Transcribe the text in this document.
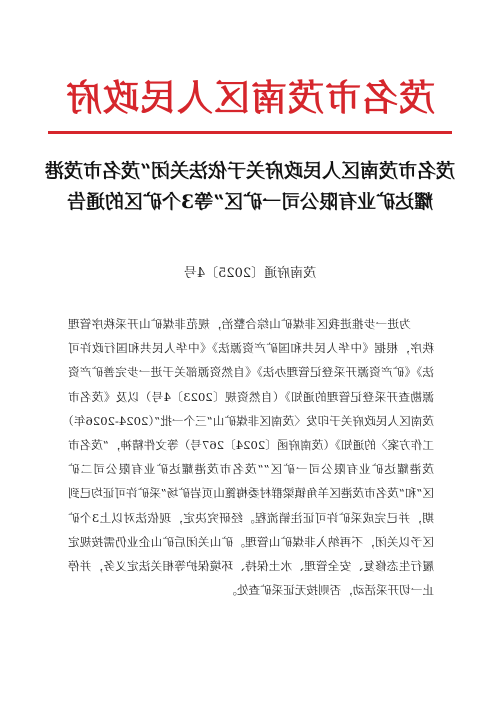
茂名市茂南区人民政府
茂名市茂南区人民政府关于依法关闭“茂名市茂港耀达矿业有限公司一矿区”等3个矿区的通告
茂南府通〔2025〕4号

为进一步推进我区非煤矿山综合整治，规范非煤矿山开采秩序管理秩序，根据《中华人民共和国矿产资源法》《中华人民共和国行政许可法》《矿产资源开采登记管理办法》《自然资源部关于进一步完善矿产资源勘查开采登记管理的通知》（自然资规〔2023〕4号）以及《茂名市茂南区人民政府关于印发〈茂南区非煤矿山“三个一批”（2024-2026年）工作方案〉的通知》（茂南府函〔2024〕267号）等文件精神，“茂名市茂港耀达矿业有限公司一矿区”“茂名市茂港耀达矿业有限公司二矿区”和“茂名市茂港区羊角镇梁群村委梅篦山页岩矿场”采矿许可证均已到期，并已完成采矿许可证注销流程。经研究决定，现依法对以上3个矿区予以关闭，不再纳入非煤矿山管理。矿山关闭后矿山企业仍需按规定履行生态修复、安全管理、水土保持、环境保护等相关法定义务，并停止一切开采活动，否则按无证采矿查处。
